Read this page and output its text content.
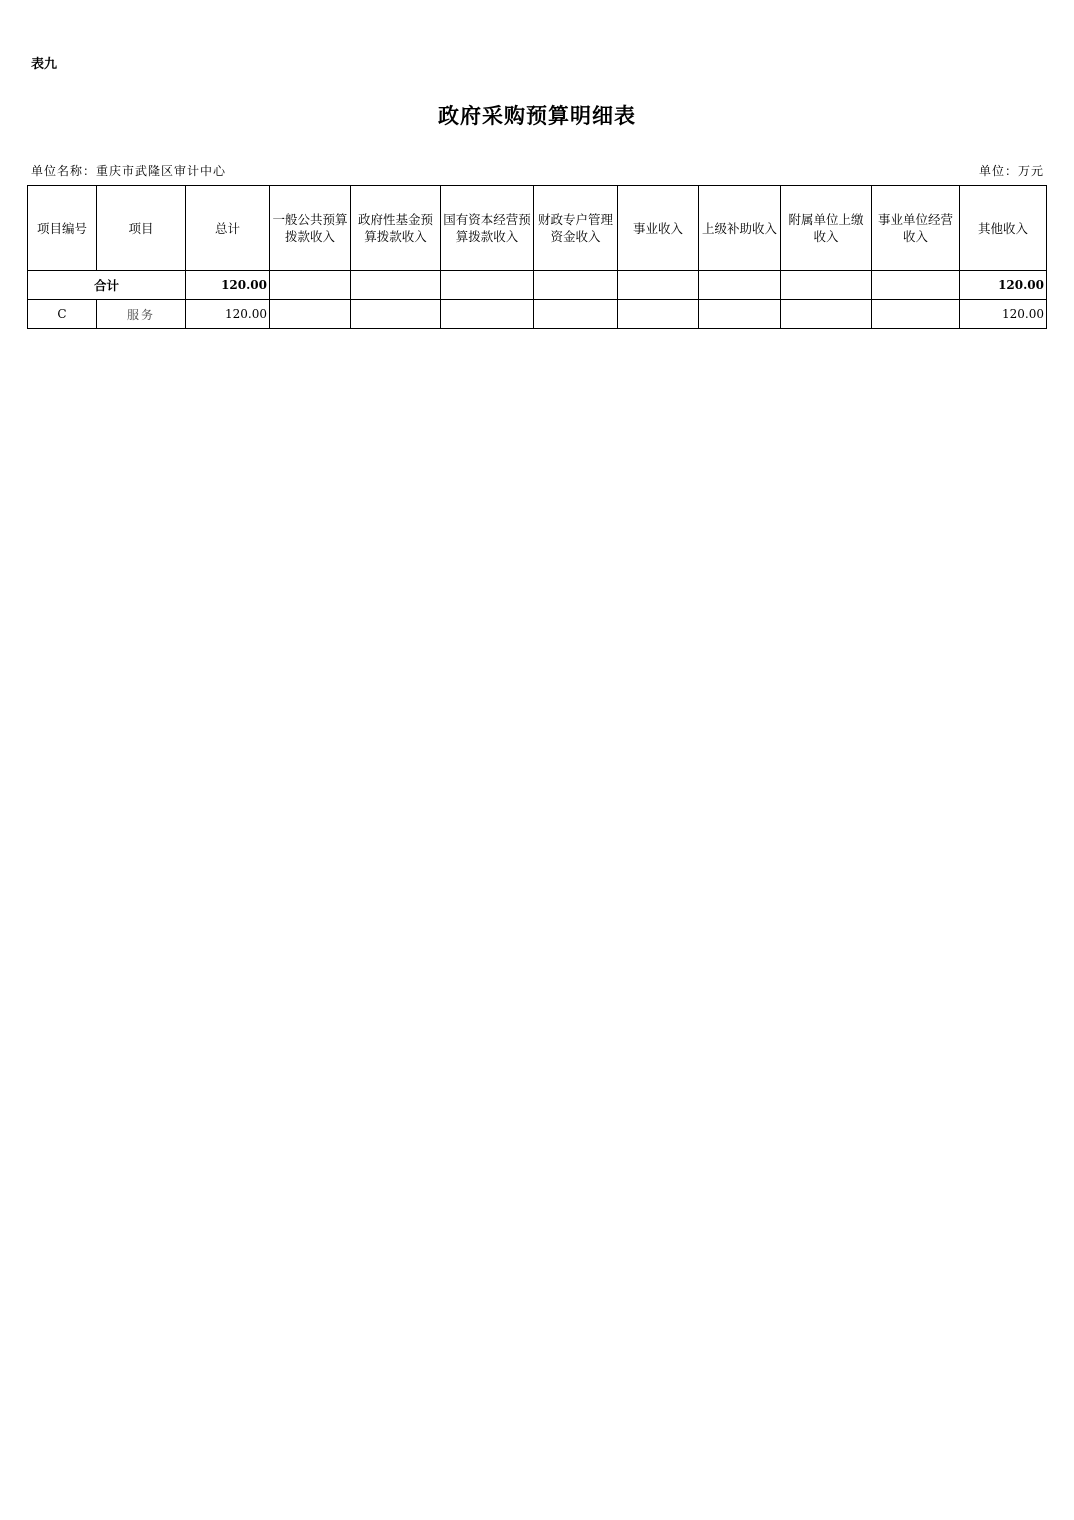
表九
政府采购预算明细表
单位名称：重庆市武隆区审计中心	单位：万元
项目编号	项目	总计	一般公共预算拨款收入	政府性基金预算拨款收入	国有资本经营预算拨款收入	财政专户管理资金收入	事业收入	上级补助收入	附属单位上缴收入	事业单位经营收入	其他收入
合计		120.00									120.00
C	服务	120.00									120.00
